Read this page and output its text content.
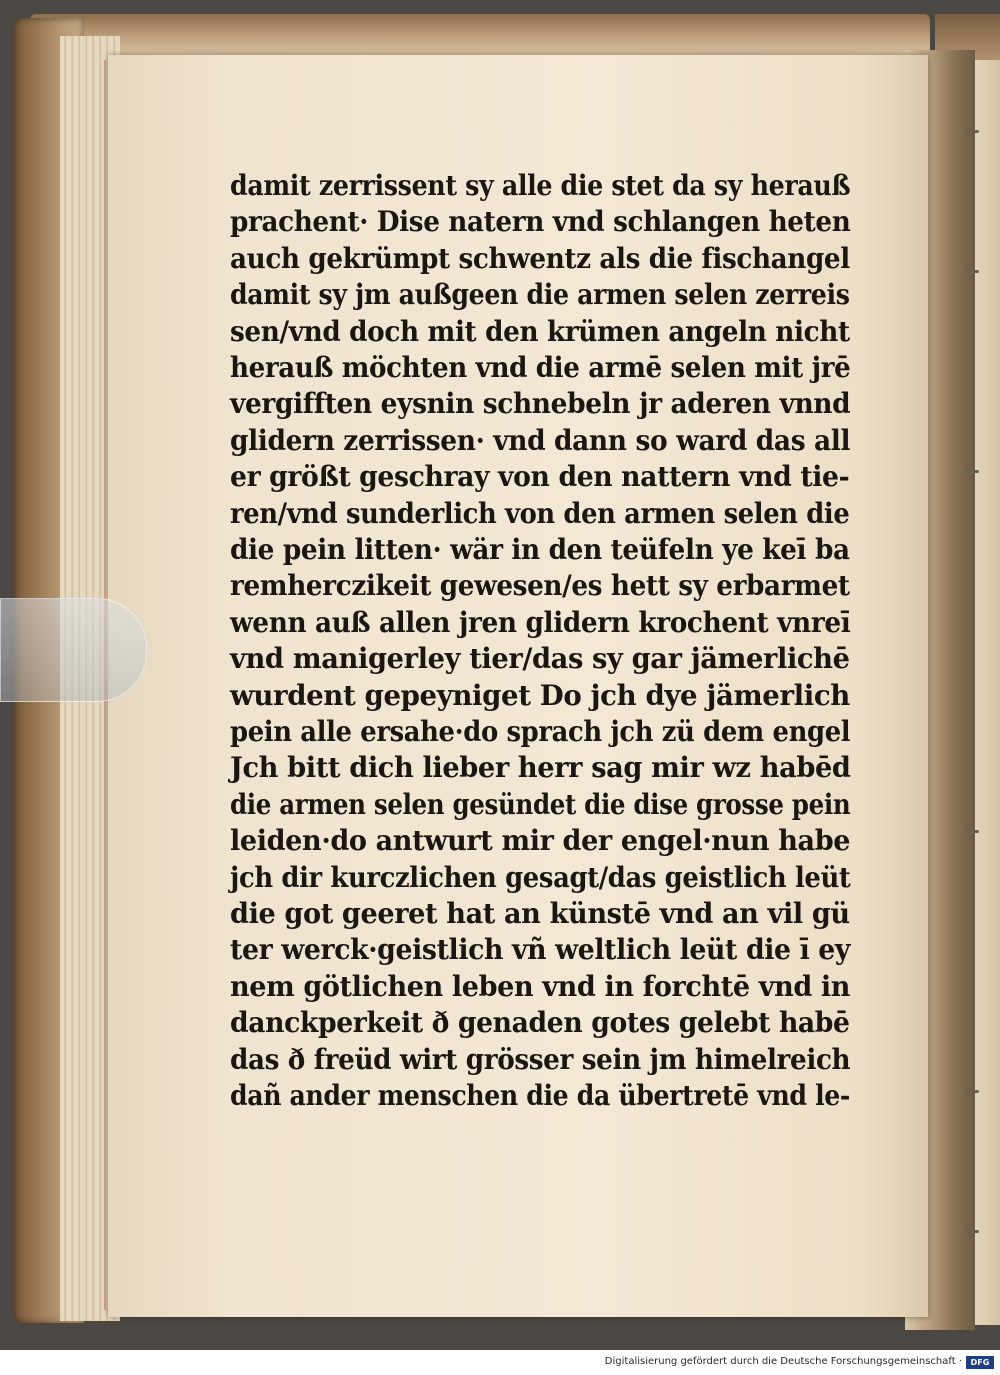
damit zerrissent sy alle die stet da sy herauß
prachent· Dise natern vnd schlangen heten
auch gekrümpt schwentz als die fischangel
damit sy jm außgeen die armen selen zerreis
sen/vnd doch mit den krümen angeln nicht
herauß möchten vnd die armē selen mit jrē
vergifften eysnin schnebeln jr aderen vnnd
glidern zerrissen· vnd dann so ward das all
er größt geschray von den nattern vnd tie-
ren/vnd sunderlich von den armen selen die
die pein litten· wär in den teüfeln ye keī ba
remherczikeit gewesen/es hett sy erbarmet
wenn auß allen jren glidern krochent vnreī
vnd manigerley tier/das sy gar jämerlichē
wurdent gepeyniget Do jch dye jämerlich
pein alle ersahe·do sprach jch zü dem engel
Jch bitt dich lieber herr sag mir wz habēd
die armen selen gesündet die dise grosse pein
leiden·do antwurt mir der engel·nun habe
jch dir kurczlichen gesagt/das geistlich leüt
die got geeret hat an künstē vnd an vil gü
ter werck·geistlich vñ weltlich leüt die ī ey
nem götlichen leben vnd in forchtē vnd in
danckperkeit ð genaden gotes gelebt habē
das ð freüd wirt grösser sein jm himelreich
dañ ander menschen die da übertretē vnd le-
Digitalisierung gefördert durch die Deutsche Forschungsgemeinschaft ·	DFG
